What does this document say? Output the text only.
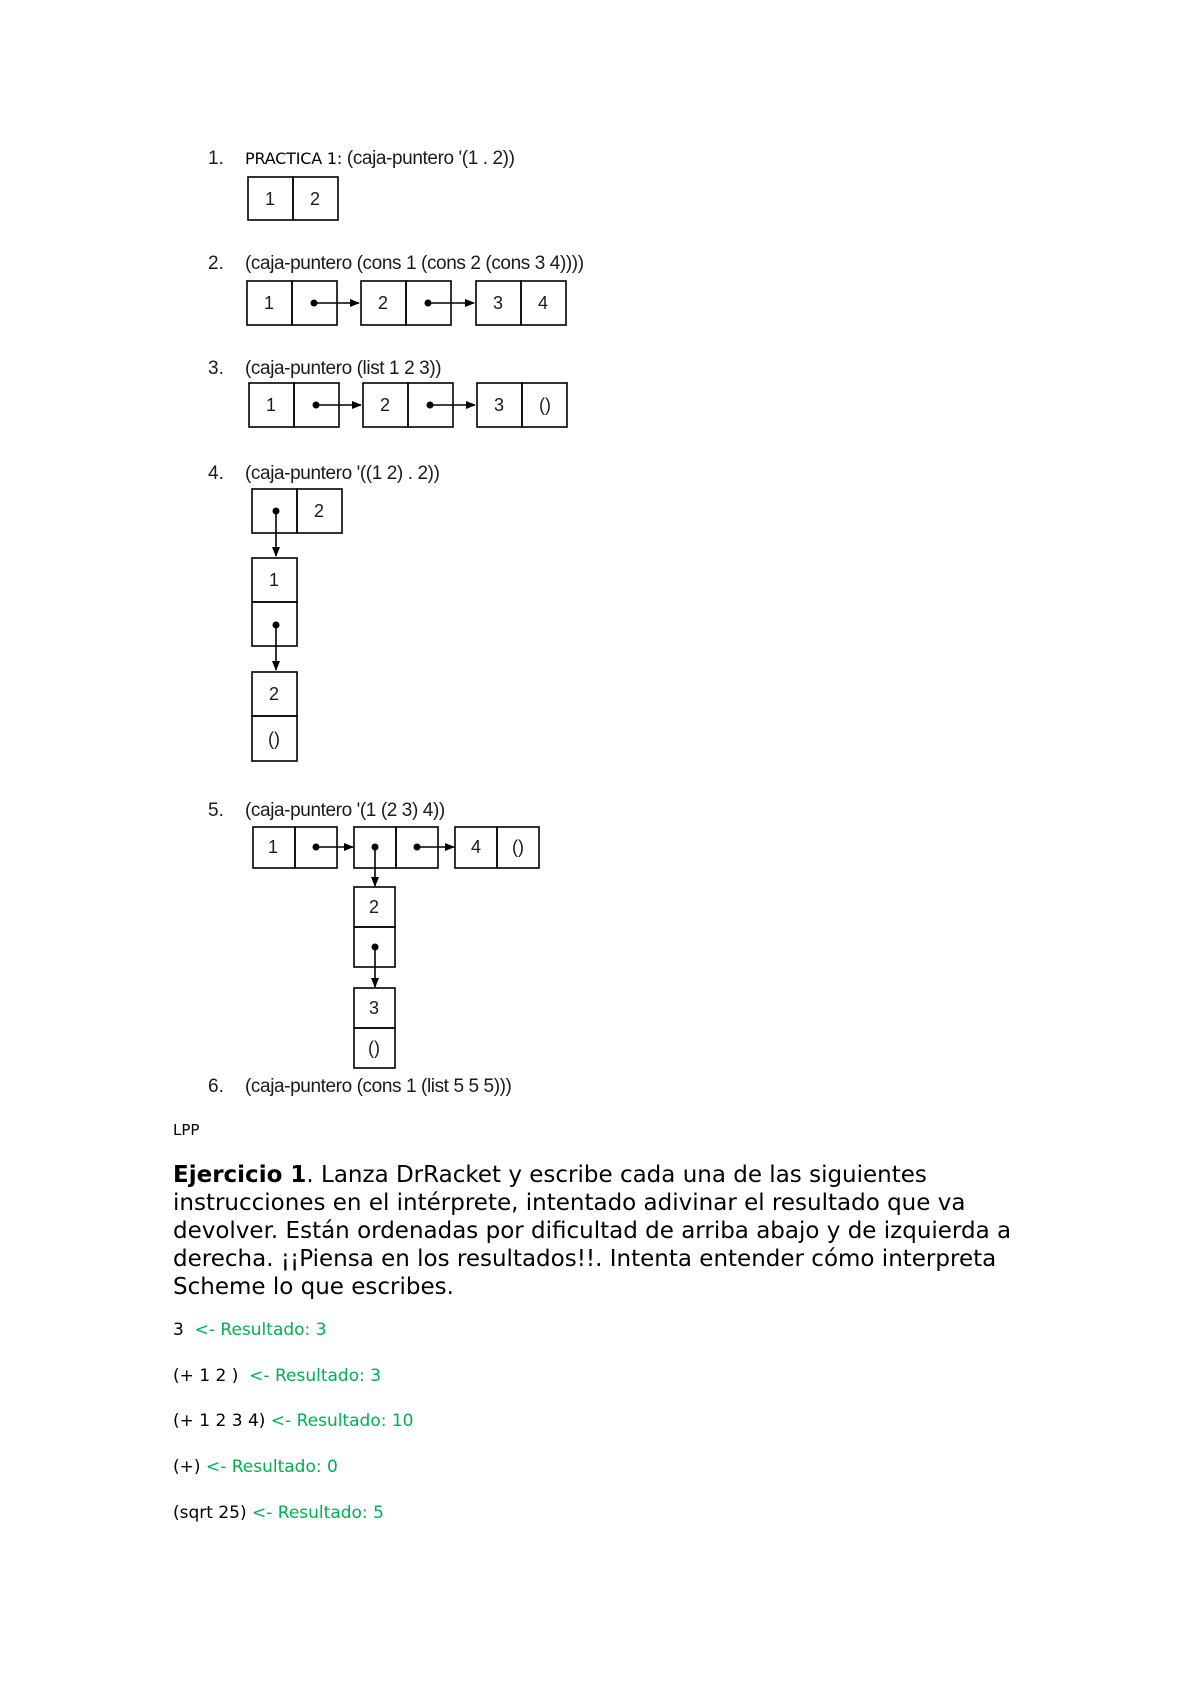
1. PRACTICA 1: (caja-puntero '(1 . 2))
2. (caja-puntero (cons 1 (cons 2 (cons 3 4))))
3. (caja-puntero (list 1 2 3))
4. (caja-puntero '((1 2) . 2))
5. (caja-puntero '(1 (2 3) 4))
6. (caja-puntero (cons 1 (list 5 5 5)))
1 2
1	2	3 4
1	2	3 ()
2
1
2
()
1	4 ()
2
3
()
LPP
Ejercicio 1. Lanza DrRacket y escribe cada una de las siguientes instrucciones en el intérprete, intentado adivinar el resultado que va devolver. Están ordenadas por dificultad de arriba abajo y de izquierda a derecha. ¡¡Piensa en los resultados!!. Intenta entender cómo interpreta Scheme lo que escribes.
3 <- Resultado: 3
(+ 1 2 ) <- Resultado: 3
(+ 1 2 3 4) <- Resultado: 10
(+) <- Resultado: 0
(sqrt 25) <- Resultado: 5
